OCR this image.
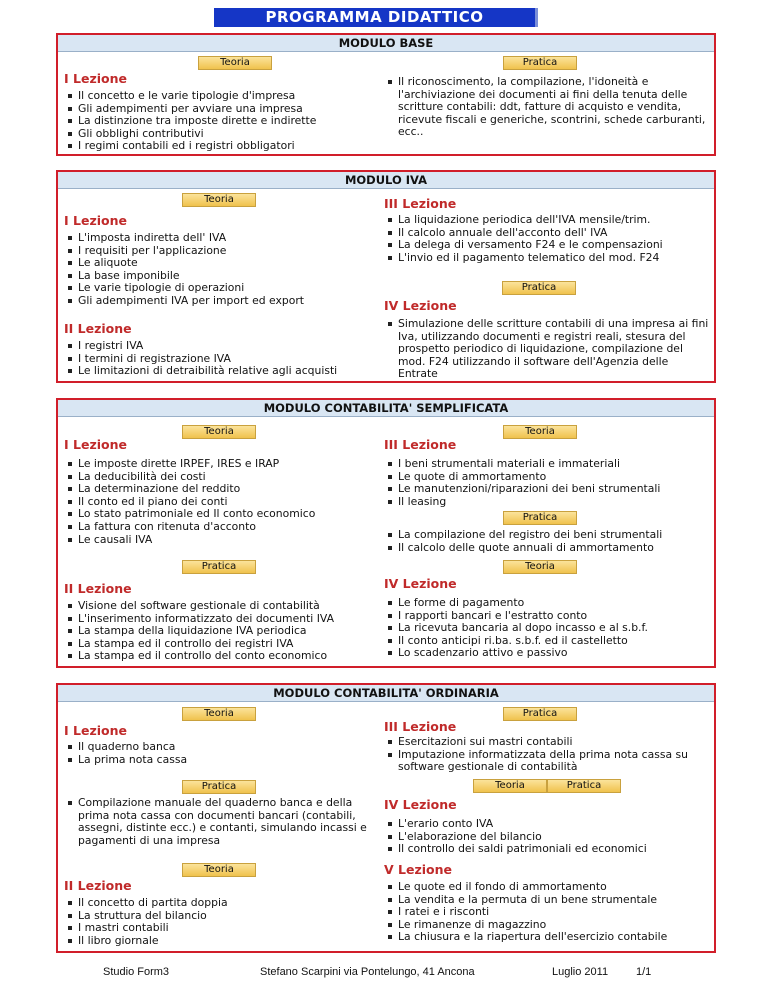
PROGRAMMA DIDATTICO
MODULO BASE
Teoria	Pratica
I Lezione
Il concetto e le varie tipologie d'impresa
Gli adempimenti per avviare una impresa
La distinzione tra imposte dirette e indirette
Gli obblighi contributivi
I regimi contabili ed i registri obbligatori
Il riconoscimento, la compilazione, l'idoneità e l'archiviazione dei documenti ai fini della tenuta delle scritture contabili: ddt, fatture di acquisto e vendita, ricevute fiscali e generiche, scontrini, schede carburanti, ecc..
MODULO IVA
Teoria
I Lezione
L'imposta indiretta dell' IVA
I requisiti per l'applicazione
Le aliquote
La base imponibile
Le varie tipologie di operazioni
Gli adempimenti IVA per import ed export
II Lezione
I registri IVA
I termini di registrazione IVA
Le limitazioni di detraibilità relative agli acquisti
III Lezione
La liquidazione periodica dell'IVA mensile/trim.
Il calcolo annuale dell'acconto dell' IVA
La delega di versamento F24 e le compensazioni
L'invio ed il pagamento telematico del mod. F24
Pratica
IV Lezione
Simulazione delle scritture contabili di una impresa ai fini Iva, utilizzando documenti e registri reali, stesura del prospetto periodico di liquidazione, compilazione del mod. F24 utilizzando il software dell'Agenzia delle Entrate
MODULO CONTABILITA' SEMPLIFICATA
Teoria	Teoria
I Lezione
Le imposte dirette IRPEF, IRES e IRAP
La deducibilità dei costi
La determinazione del reddito
Il conto ed il piano dei conti
Lo stato patrimoniale ed Il conto economico
La fattura con ritenuta d'acconto
Le causali IVA
Pratica
II Lezione
Visione del software gestionale di contabilità
L'inserimento informatizzato dei documenti IVA
La stampa della liquidazione IVA periodica
La stampa ed il controllo dei registri IVA
La stampa ed il controllo del conto economico
III Lezione
I beni strumentali materiali e immateriali
Le quote di ammortamento
Le manutenzioni/riparazioni dei beni strumentali
Il leasing
Pratica
La compilazione del registro dei beni strumentali
Il calcolo delle quote annuali di ammortamento
Teoria
IV Lezione
Le forme di pagamento
I rapporti bancari e l'estratto conto
La ricevuta bancaria al dopo incasso e al s.b.f.
Il conto anticipi ri.ba. s.b.f. ed il castelletto
Lo scadenzario attivo e passivo
MODULO CONTABILITA' ORDINARIA
Teoria	Pratica
I Lezione
Il quaderno banca
La prima nota cassa
Pratica
Compilazione manuale del quaderno banca e della prima nota cassa con documenti bancari (contabili, assegni, distinte ecc.) e contanti, simulando incassi e pagamenti di una impresa
Teoria
II Lezione
Il concetto di partita doppia
La struttura del bilancio
I mastri contabili
Il libro giornale
III Lezione
Esercitazioni sui mastri contabili
Imputazione informatizzata della prima nota cassa su software gestionale di contabilità
Teoria	Pratica
IV Lezione
L'erario conto IVA
L'elaborazione del bilancio
Il controllo dei saldi patrimoniali ed economici
V Lezione
Le quote ed il fondo di ammortamento
La vendita e la permuta di un bene strumentale
I ratei e i risconti
Le rimanenze di magazzino
La chiusura e la riapertura dell'esercizio contabile
Studio Form3	Stefano Scarpini via Pontelungo, 41 Ancona	Luglio 2011	1/1
